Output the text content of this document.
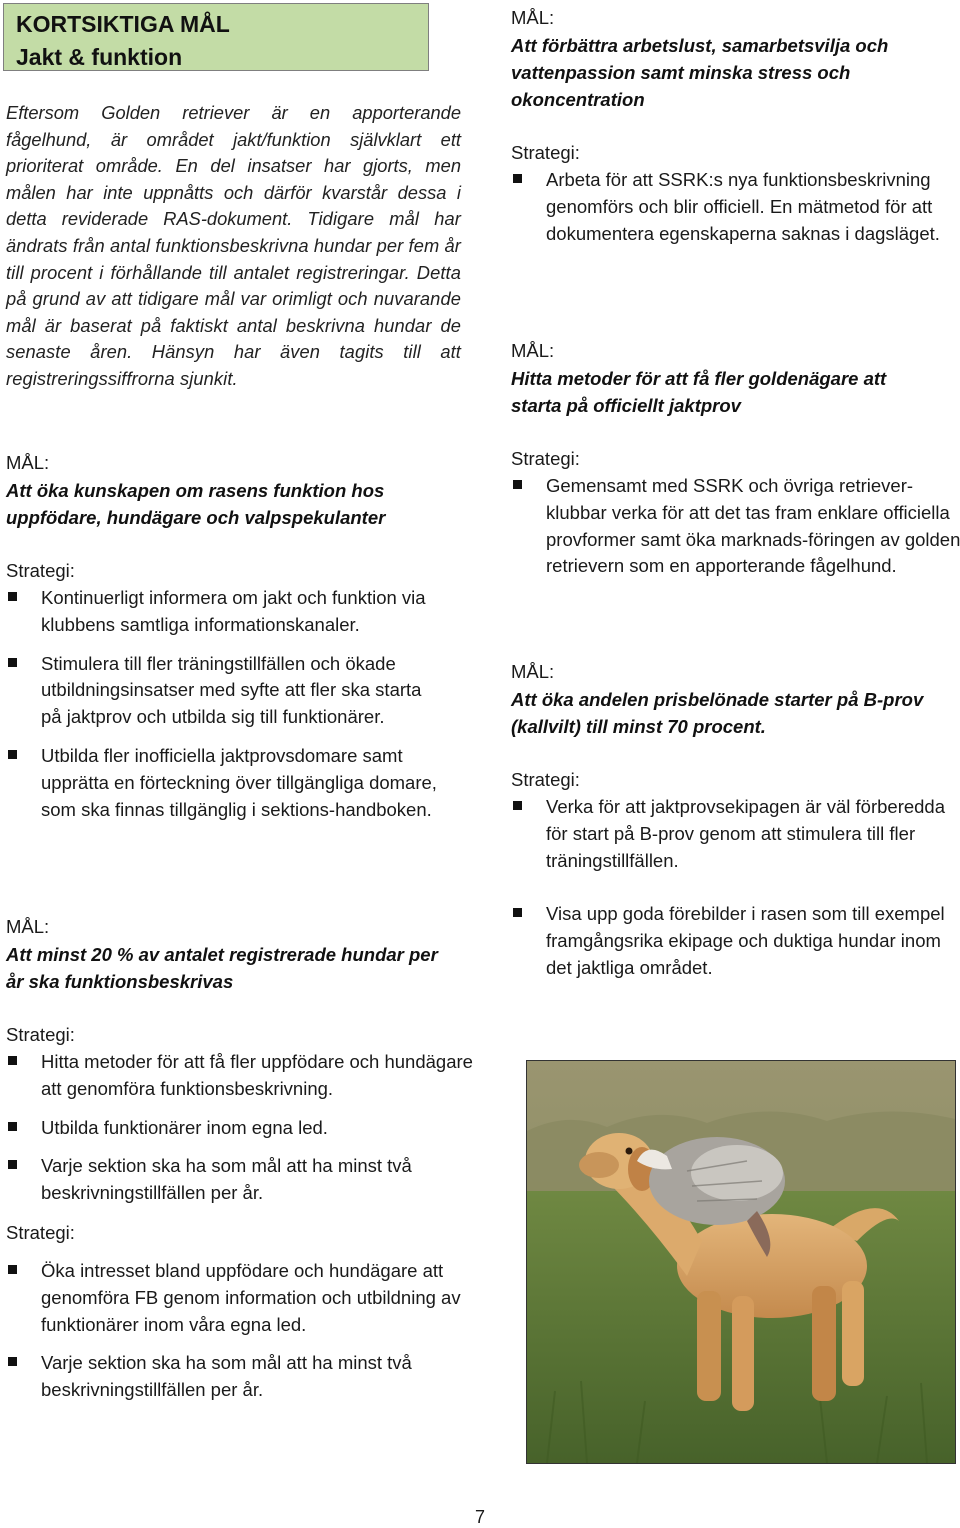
KORTSIKTIGA MÅL
Jakt & funktion

Eftersom Golden retriever är en apporterande fågelhund, är området jakt/funktion självklart ett prioriterat område. En del insatser har gjorts, men målen har inte uppnåtts och därför kvarstår dessa i detta reviderade RAS-dokument. Tidigare mål har ändrats från antal funktionsbeskrivna hundar per fem år till procent i förhållande till antalet registreringar. Detta på grund av att tidigare mål var orimligt och nuvarande mål är baserat på faktiskt antal beskrivna hundar de senaste åren. Hänsyn har även tagits till att registreringssiffrorna sjunkit.

MÅL:

Att öka kunskapen om rasens funktion hos

uppfödare, hundägare och valpspekulanter

Strategi:

Kontinuerligt informera om jakt och funktion via klubbens samtliga informationskanaler.
Stimulera till fler träningstillfällen och ökade utbildningsinsatser med syfte att fler ska starta på jaktprov och utbilda sig till funktionärer.
Utbilda fler inofficiella jaktprovsdomare samt upprätta en förteckning över tillgängliga domare, som ska finnas tillgänglig i sektions-handboken.

MÅL:

Att minst 20 % av antalet registrerade hundar per

år ska funktionsbeskrivas

Strategi:

Hitta metoder för att få fler uppfödare och hundägare att genomföra funktionsbeskrivning.
Utbilda funktionärer inom egna led.
Varje sektion ska ha som mål att ha minst två beskrivningstillfällen per år.

Strategi:

Öka intresset bland uppfödare och hundägare att genomföra FB genom information och utbildning av funktionärer inom våra egna led.
Varje sektion ska ha som mål att ha minst två beskrivningstillfällen per år.

MÅL:

Att förbättra arbetslust, samarbetsvilja och

vattenpassion samt minska stress och

okoncentration

Strategi:

Arbeta för att SSRK:s nya funktionsbeskrivning genomförs och blir officiell. En mätmetod för att dokumentera egenskaperna saknas i dagsläget.

MÅL:

Hitta metoder för att få fler goldenägare att

starta på officiellt jaktprov

Strategi:

Gemensamt med SSRK och övriga retriever-klubbar verka för att det tas fram enklare officiella provformer samt öka marknads-föringen av golden retrievern som en apporterande fågelhund.

MÅL:

Att öka andelen prisbelönade starter på B-prov

(kallvilt) till minst 70 procent.

Strategi:

Verka för att jaktprovsekipagen är väl förberedda för start på B-prov genom att stimulera till fler träningstillfällen.
Visa upp goda förebilder i rasen som till exempel framgångsrika ekipage och duktiga hundar inom det jaktliga området.
7
